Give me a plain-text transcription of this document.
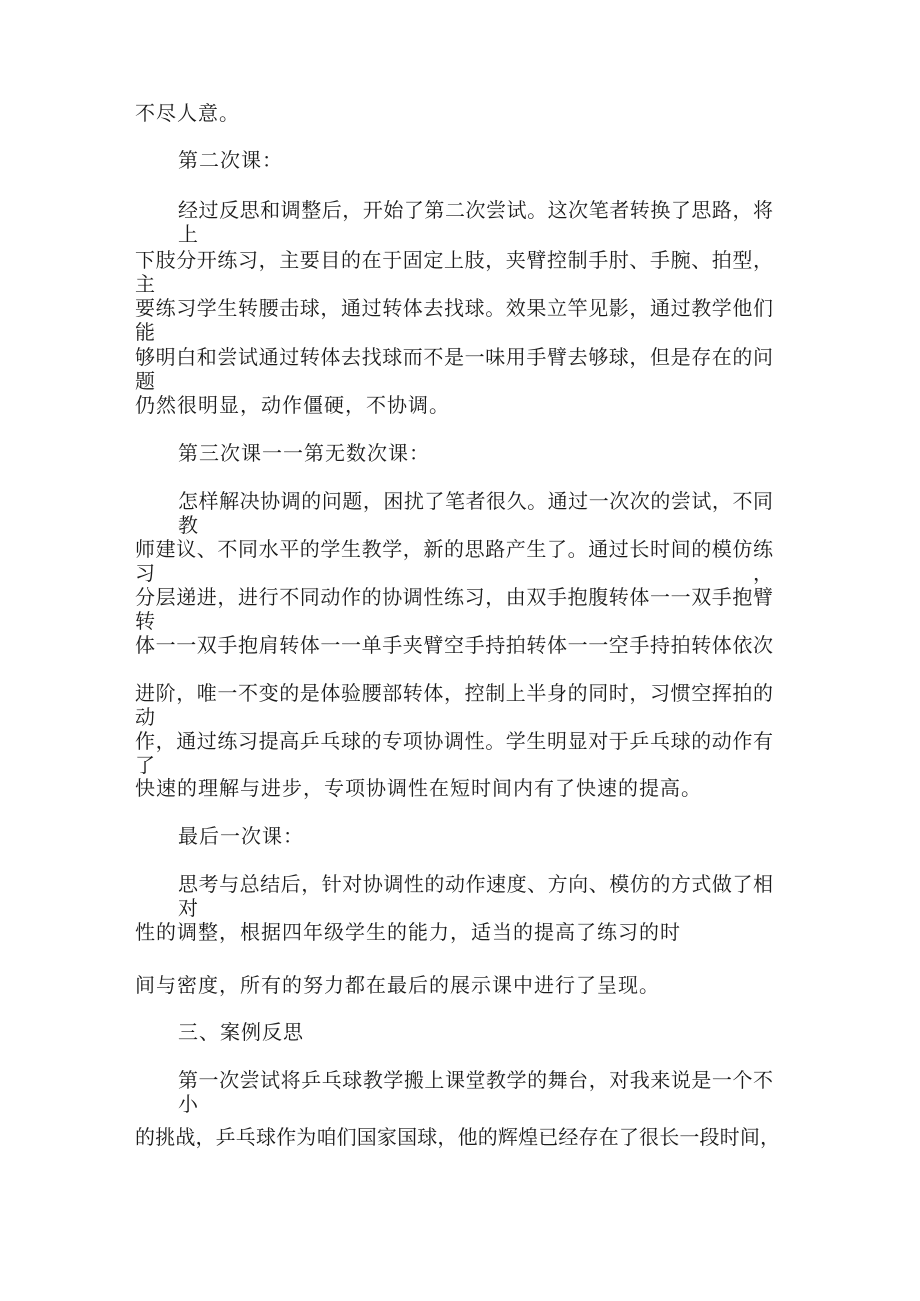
不尽人意。
第二次课：
经过反思和调整后，开始了第二次尝试。这次笔者转换了思路，将上
下肢分开练习，主要目的在于固定上肢，夹臂控制手肘、手腕、拍型，主
要练习学生转腰击球，通过转体去找球。效果立竿见影，通过教学他们能
够明白和尝试通过转体去找球而不是一味用手臂去够球，但是存在的问题
仍然很明显，动作僵硬，不协调。
第三次课一一第无数次课：
怎样解决协调的问题，困扰了笔者很久。通过一次次的尝试，不同教
师建议、不同水平的学生教学，新的思路产生了。通过长时间的模仿练习，
分层递进，进行不同动作的协调性练习，由双手抱腹转体一一双手抱臂转
体一一双手抱肩转体一一单手夹臂空手持拍转体一一空手持拍转体依次
进阶，唯一不变的是体验腰部转体，控制上半身的同时，习惯空挥拍的动
作，通过练习提高乒乓球的专项协调性。学生明显对于乒乓球的动作有了
快速的理解与进步，专项协调性在短时间内有了快速的提高。
最后一次课：
思考与总结后，针对协调性的动作速度、方向、模仿的方式做了相对
性的调整，根据四年级学生的能力，适当的提高了练习的时
间与密度，所有的努力都在最后的展示课中进行了呈现。
三、案例反思
第一次尝试将乒乓球教学搬上课堂教学的舞台，对我来说是一个不小
的挑战，乒乓球作为咱们国家国球，他的辉煌已经存在了很长一段时间，
